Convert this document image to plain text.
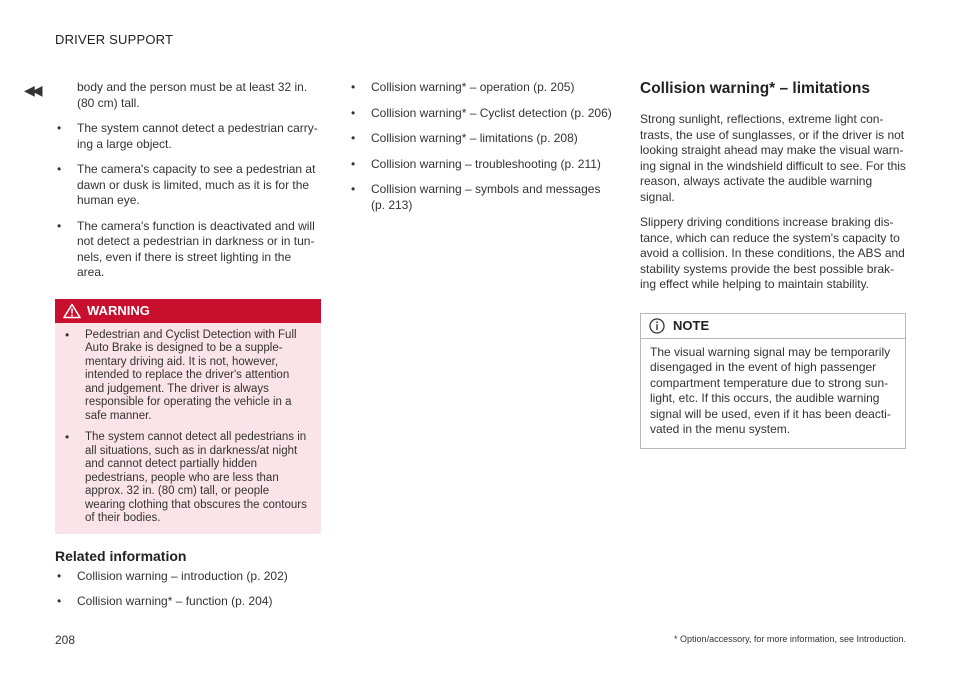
DRIVER SUPPORT
◀◀	body and the person must be at least 32 in. (80 cm) tall.
• The system cannot detect a pedestrian carrying a large object.
• The camera's capacity to see a pedestrian at dawn or dusk is limited, much as it is for the human eye.
• The camera's function is deactivated and will not detect a pedestrian in darkness or in tunnels, even if there is street lighting in the area.
WARNING
• Pedestrian and Cyclist Detection with Full Auto Brake is designed to be a supplementary driving aid. It is not, however, intended to replace the driver's attention and judgement. The driver is always responsible for operating the vehicle in a safe manner.
• The system cannot detect all pedestrians in all situations, such as in darkness/at night and cannot detect partially hidden pedestrians, people who are less than approx. 32 in. (80 cm) tall, or people wearing clothing that obscures the contours of their bodies.
Related information
• Collision warning – introduction (p. 202)
• Collision warning* – function (p. 204)
• Collision warning* – operation (p. 205)
• Collision warning* – Cyclist detection (p. 206)
• Collision warning* – limitations (p. 208)
• Collision warning – troubleshooting (p. 211)
• Collision warning – symbols and messages (p. 213)
Collision warning* – limitations

Strong sunlight, reflections, extreme light contrasts, the use of sunglasses, or if the driver is not looking straight ahead may make the visual warning signal in the windshield difficult to see. For this reason, always activate the audible warning signal.

Slippery driving conditions increase braking distance, which can reduce the system's capacity to avoid a collision. In these conditions, the ABS and stability systems provide the best possible braking effect while helping to maintain stability.

NOTE
The visual warning signal may be temporarily disengaged in the event of high passenger compartment temperature due to strong sunlight, etc. If this occurs, the audible warning signal will be used, even if it has been deactivated in the menu system.
208	* Option/accessory, for more information, see Introduction.
